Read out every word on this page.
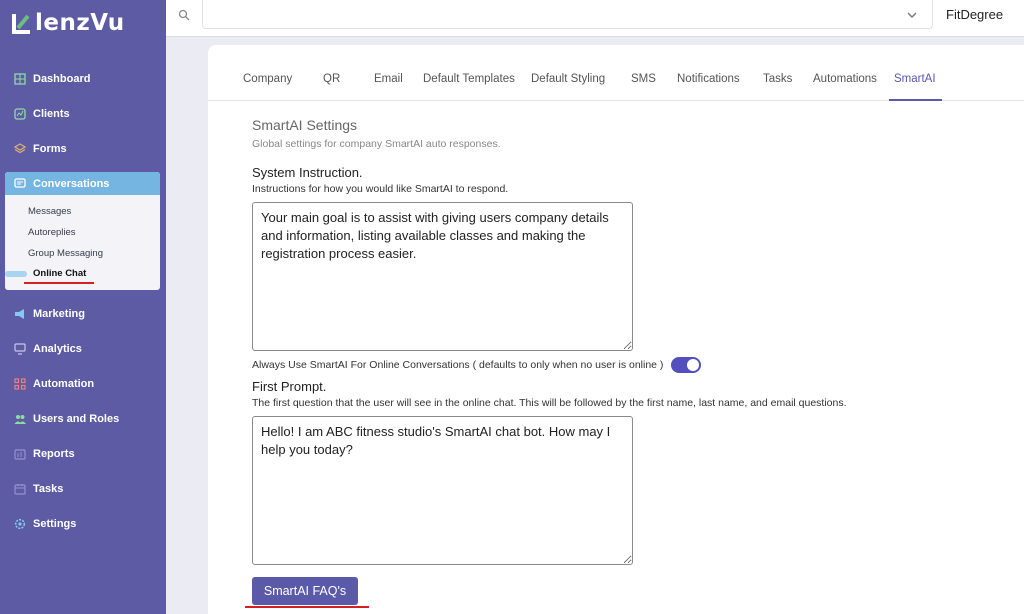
lenzVu
Dashboard
Clients
Forms
Conversations
Messages
Autoreplies
Group Messaging
Online Chat
Marketing
Analytics
Automation
Users and Roles
Reports
Tasks
Settings
FitDegree
Company	QR	Email Default Templates Default Styling SMS Notifications Tasks Automations SmartAI
SmartAI Settings
Global settings for company SmartAI auto responses.
System Instruction.
Instructions for how you would like SmartAI to respond.
Your main goal is to assist with giving users company details and information, listing available classes and making the registration process easier.
Always Use SmartAI For Online Conversations ( defaults to only when no user is online )
First Prompt.
The first question that the user will see in the online chat. This will be followed by the first name, last name, and email questions.
Hello! I am ABC fitness studio's SmartAI chat bot. How may I help you today?
SmartAI FAQ's
